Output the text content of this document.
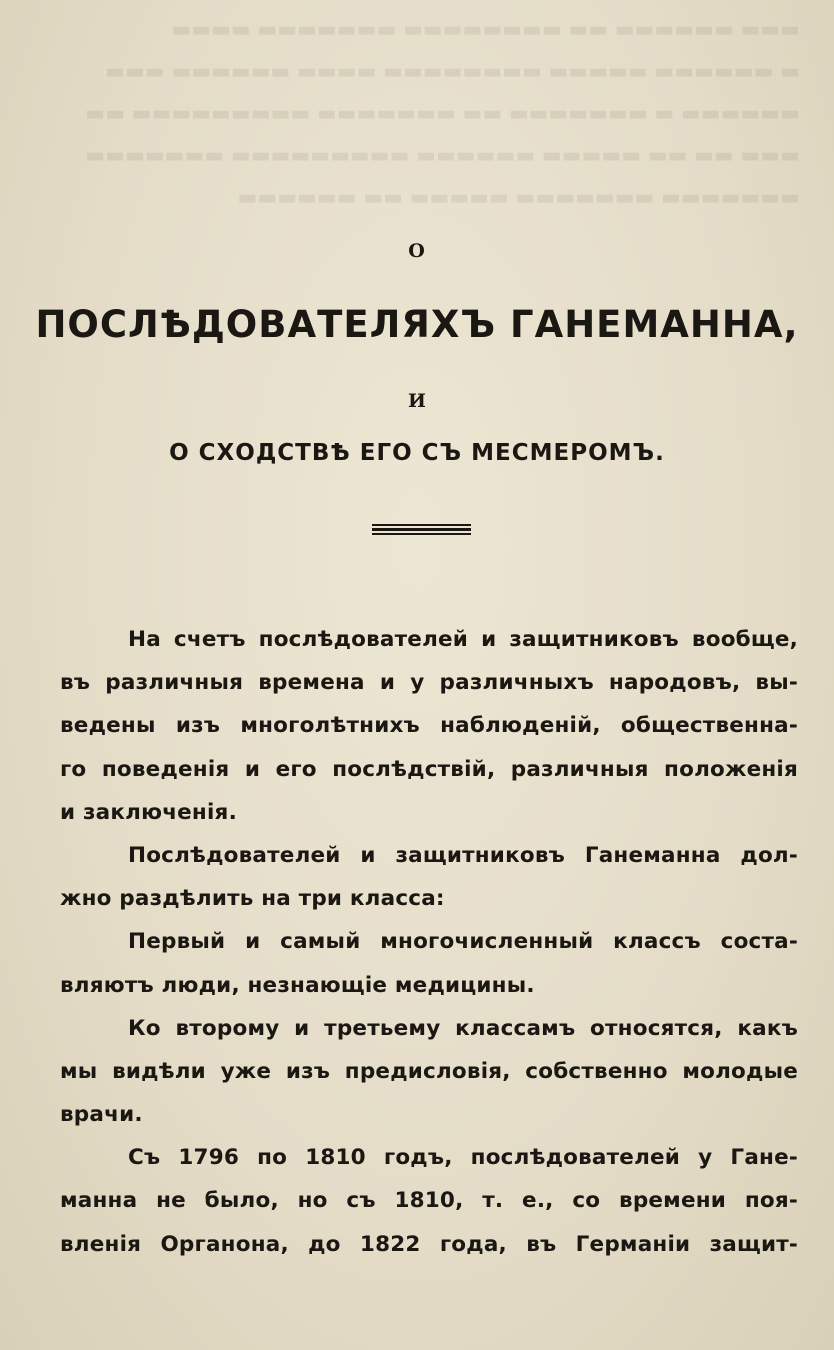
▬▬▬ ▬▬▬▬▬▬ ▬▬ ▬▬▬▬▬▬▬▬ ▬▬▬▬▬▬▬ ▬▬▬▬
▬ ▬▬▬▬▬▬ ▬▬▬▬▬ ▬▬▬▬▬▬▬▬ ▬▬▬▬ ▬▬▬▬▬▬ ▬▬▬
▬▬▬▬▬▬ ▬ ▬▬▬▬▬▬▬ ▬▬ ▬▬▬▬▬▬▬ ▬▬▬▬▬▬▬▬▬ ▬▬
▬▬▬ ▬▬ ▬▬ ▬▬▬▬▬ ▬▬▬▬▬▬ ▬▬▬▬▬▬▬▬▬ ▬▬▬▬▬▬▬
▬▬▬▬▬▬▬ ▬▬▬▬▬▬▬ ▬▬▬▬▬ ▬▬ ▬▬▬▬▬▬

О
ПОСЛѢДОВАТЕЛЯХЪ ГАНЕМАННА,
И
О СХОДСТВѢ ЕГО СЪ МЕСМЕРОМЪ.
На счетъ послѣдователей и защитниковъ вообще,
въ различныя времена и у различныхъ народовъ, вы-
ведены изъ многолѣтнихъ наблюденій, общественна-
го поведенія и его послѣдствій, различныя положенія
и заключенія.
Послѣдователей и защитниковъ Ганеманна дол-
жно раздѣлить на три класса:
Первый и самый многочисленный классъ соста-
вляютъ люди, незнающіе медицины.
Ко второму и третьему классамъ относятся, какъ
мы видѣли уже изъ предисловія, собственно молодые
врачи.
Съ 1796 по 1810 годъ, послѣдователей у Гане-
манна не было, но съ 1810, т. е., со времени поя-
вленія Органона, до 1822 года, въ Германіи защит-
